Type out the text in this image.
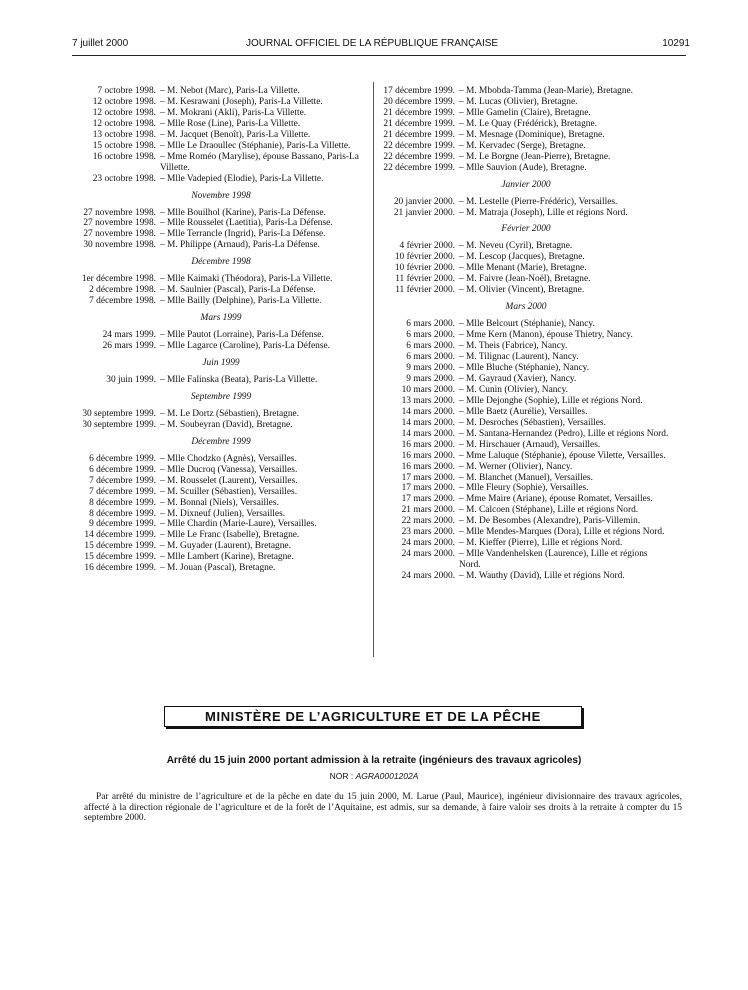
7 juillet 2000	JOURNAL OFFICIEL DE LA RÉPUBLIQUE FRANÇAISE	10291
7 octobre 1998. – M. Nebot (Marc), Paris-La Villette.
12 octobre 1998. – M. Kesrawani (Joseph), Paris-La Villette.
12 octobre 1998. – M. Mokrani (Akli), Paris-La Villette.
12 octobre 1998. – Mlle Rose (Line), Paris-La Villette.
13 octobre 1998. – M. Jacquet (Benoît), Paris-La Villette.
15 octobre 1998. – Mlle Le Draoullec (Stéphanie), Paris-La Villette.
16 octobre 1998. – Mme Roméo (Marylise), épouse Bassano, Paris-La Villette.
23 octobre 1998. – Mlle Vadepied (Elodie), Paris-La Villette.
Novembre 1998
27 novembre 1998. – Mlle Bouilhol (Karine), Paris-La Défense.
27 novembre 1998. – Mlle Rousselet (Laetitia), Paris-La Défense.
27 novembre 1998. – Mlle Terrancle (Ingrid), Paris-La Défense.
30 novembre 1998. – M. Philippe (Arnaud), Paris-La Défense.
Décembre 1998
1er décembre 1998. – Mlle Kaimaki (Théodora), Paris-La Villette.
2 décembre 1998. – M. Saulnier (Pascal), Paris-La Défense.
7 décembre 1998. – Mlle Bailly (Delphine), Paris-La Villette.
Mars 1999
24 mars 1999. – Mlle Pautot (Lorraine), Paris-La Défense.
26 mars 1999. – Mlle Lagarce (Caroline), Paris-La Défense.
Juin 1999
30 juin 1999. – Mlle Falinska (Beata), Paris-La Villette.
Septembre 1999
30 septembre 1999. – M. Le Dortz (Sébastien), Bretagne.
30 septembre 1999. – M. Soubeyran (David), Bretagne.
Décembre 1999
6 décembre 1999. – Mlle Chodzko (Agnès), Versailles.
6 décembre 1999. – Mlle Ducroq (Vanessa), Versailles.
7 décembre 1999. – M. Rousselet (Laurent), Versailles.
7 décembre 1999. – M. Scuiller (Sébastien), Versailles.
8 décembre 1999. – M. Bonnal (Niels), Versailles.
8 décembre 1999. – M. Dixneuf (Julien), Versailles.
9 décembre 1999. – Mlle Chardin (Marie-Laure), Versailles.
14 décembre 1999. – Mlle Le Franc (Isabelle), Bretagne.
15 décembre 1999. – M. Guyader (Laurent), Bretagne.
15 décembre 1999. – Mlle Lambert (Karine), Bretagne.
16 décembre 1999. – M. Jouan (Pascal), Bretagne.
17 décembre 1999. – M. Mbobda-Tamma (Jean-Marie), Bretagne.
20 décembre 1999. – M. Lucas (Olivier), Bretagne.
21 décembre 1999. – Mlle Gamelin (Claire), Bretagne.
21 décembre 1999. – M. Le Quay (Frédérick), Bretagne.
21 décembre 1999. – M. Mesnage (Dominique), Bretagne.
22 décembre 1999. – M. Kervadec (Serge), Bretagne.
22 décembre 1999. – M. Le Borgne (Jean-Pierre), Bretagne.
22 décembre 1999. – Mlle Sauvion (Aude), Bretagne.
Janvier 2000
20 janvier 2000. – M. Lestelle (Pierre-Frédéric), Versailles.
21 janvier 2000. – M. Matraja (Joseph), Lille et régions Nord.
Février 2000
4 février 2000. – M. Neveu (Cyril), Bretagne.
10 février 2000. – M. Lescop (Jacques), Bretagne.
10 février 2000. – Mlle Menant (Marie), Bretagne.
11 février 2000. – M. Faivre (Jean-Noël), Bretagne.
11 février 2000. – M. Olivier (Vincent), Bretagne.
Mars 2000
6 mars 2000. – Mlle Belcourt (Stéphanie), Nancy.
6 mars 2000. – Mme Kern (Manon), épouse Thietry, Nancy.
6 mars 2000. – M. Theis (Fabrice), Nancy.
6 mars 2000. – M. Tilignac (Laurent), Nancy.
9 mars 2000. – Mlle Bluche (Stéphanie), Nancy.
9 mars 2000. – M. Gayraud (Xavier), Nancy.
10 mars 2000. – M. Cunin (Olivier), Nancy.
13 mars 2000. – Mlle Dejonghe (Sophie), Lille et régions Nord.
14 mars 2000. – Mlle Baetz (Aurélie), Versailles.
14 mars 2000. – M. Desroches (Sébastien), Versailles.
14 mars 2000. – M. Santana-Hernandez (Pedro), Lille et régions Nord.
16 mars 2000. – M. Hirschauer (Arnaud), Versailles.
16 mars 2000. – Mme Laluque (Stéphanie), épouse Vilette, Versailles.
16 mars 2000. – M. Werner (Olivier), Nancy.
17 mars 2000. – M. Blanchet (Manuel), Versailles.
17 mars 2000. – Mlle Fleury (Sophie), Versailles.
17 mars 2000. – Mme Maire (Ariane), épouse Romatet, Versailles.
21 mars 2000. – M. Calcoen (Stéphane), Lille et régions Nord.
22 mars 2000. – M. De Besombes (Alexandre), Paris-Villemin.
23 mars 2000. – Mlle Mendes-Marques (Dora), Lille et régions Nord.
24 mars 2000. – M. Kieffer (Pierre), Lille et régions Nord.
24 mars 2000. – Mlle Vandenhelsken (Laurence), Lille et régions Nord.
24 mars 2000. – M. Wauthy (David), Lille et régions Nord.
MINISTÈRE DE L’AGRICULTURE ET DE LA PÊCHE
Arrêté du 15 juin 2000 portant admission à la retraite (ingénieurs des travaux agricoles)
NOR : AGRA0001202A
Par arrêté du ministre de l’agriculture et de la pêche en date du 15 juin 2000, M. Larue (Paul, Maurice), ingénieur divisionnaire des travaux agricoles, affecté à la direction régionale de l’agriculture et de la forêt de l’Aquitaine, est admis, sur sa demande, à faire valoir ses droits à la retraite à compter du 15 septembre 2000.
